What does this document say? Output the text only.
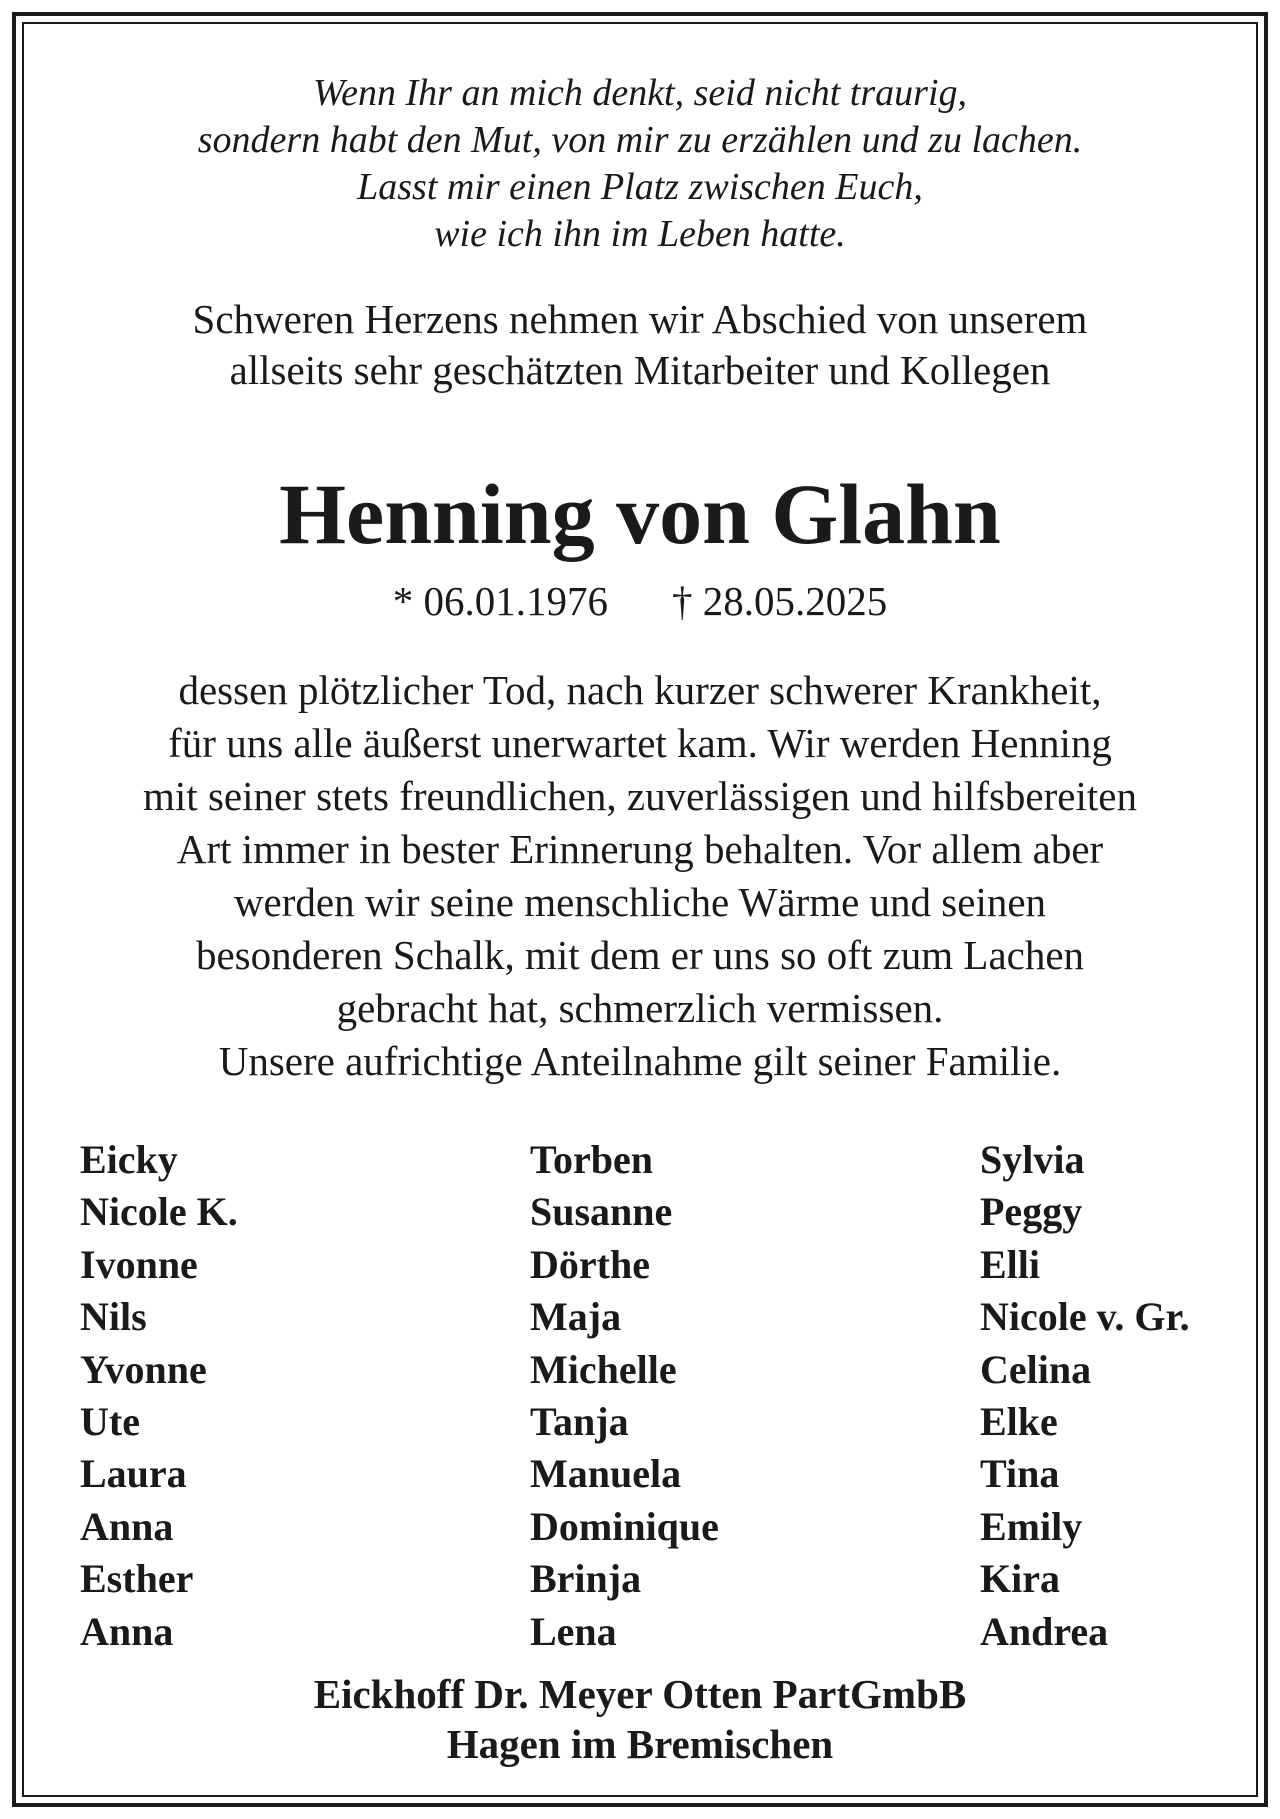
Wenn Ihr an mich denkt, seid nicht traurig,
sondern habt den Mut, von mir zu erzählen und zu lachen.
Lasst mir einen Platz zwischen Euch,
wie ich ihn im Leben hatte.
Schweren Herzens nehmen wir Abschied von unserem
allseits sehr geschätzten Mitarbeiter und Kollegen
Henning von Glahn
* 06.01.1976 † 28.05.2025
dessen plötzlicher Tod, nach kurzer schwerer Krankheit,
für uns alle äußerst unerwartet kam. Wir werden Henning
mit seiner stets freundlichen, zuverlässigen und hilfsbereiten
Art immer in bester Erinnerung behalten. Vor allem aber
werden wir seine menschliche Wärme und seinen
besonderen Schalk, mit dem er uns so oft zum Lachen
gebracht hat, schmerzlich vermissen.
Unsere aufrichtige Anteilnahme gilt seiner Familie.
Eicky
Nicole K.
Ivonne
Nils
Yvonne
Ute
Laura
Anna
Esther
Anna
Torben
Susanne
Dörthe
Maja
Michelle
Tanja
Manuela
Dominique
Brinja
Lena
Sylvia
Peggy
Elli
Nicole v. Gr.
Celina
Elke
Tina
Emily
Kira
Andrea
Eickhoff Dr. Meyer Otten PartGmbB
Hagen im Bremischen
